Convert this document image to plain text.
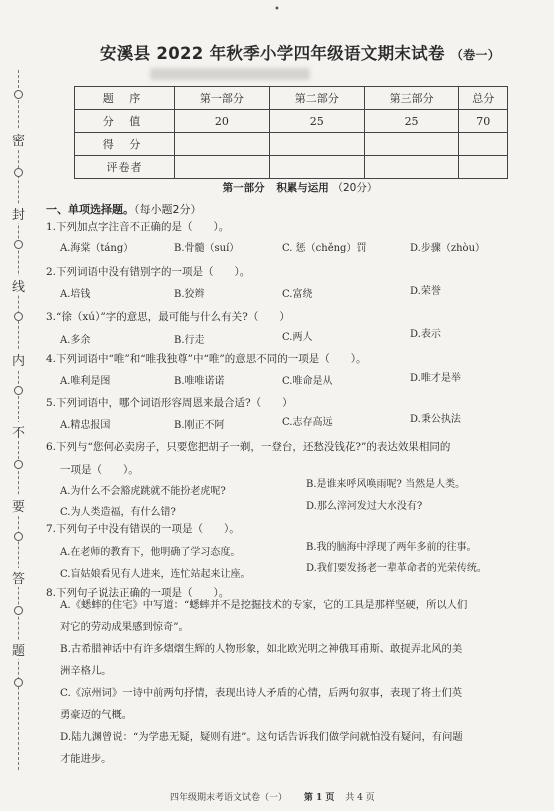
•
密
封
线
内
不
要
答
题
安溪县 2022 年秋季小学四年级语文期末试卷 （卷一）
题 序	第一部分	第二部分	第三部分	总分
分 值	20	25	25	70
得 分				
评卷者				
第一部分 积累与运用 （20分）
一、单项选择题。（每小题2分）
1.下列加点字注音不正确的是（　　）。
A.海棠（táng）	B.骨髓（suí）	C. 惩（chěng）罚	D.步骤（zhòu）
2.下列词语中没有错别字的一项是（　　）。
A.培钱	B.狡辫	C.富绕	D.荣誉
3.“徐（xú）”字的意思，最可能与什么有关?（　　）
A.多余	B.行走	C.两人	D.表示
4.下列词语中“唯”和“唯我独尊”中“唯”的意思不同的一项是（　　）。
A.唯利是图	B.唯唯诺诺	C.唯命是从	D.唯才是举
5.下列词语中，哪个词语形容周恩来最合适?（　　）
A.精忠报国	B.刚正不阿	C.志存高远	D.秉公执法
6.下列与“您何必卖房子，只要您把胡子一剃，一登台，还愁没钱花?”的表达效果相同的
一项是（　　）。
A.为什么不会豁虎跳就不能扮老虎呢?
B.是谁来呼风唤雨呢? 当然是人类。
C.为人类造福，有什么错?
D.那么滓河发过大水没有?
7.下列句子中没有错误的一项是（　　）。
A.在老师的教育下，他明确了学习态度。	B.我的脑海中浮现了两年多前的往事。
C.盲姑娘看见有人进来，连忙站起来让座。
D.我们要发扬老一辈革命者的光荣传统。
8.下列句子说法正确的一项是（　　）。
A.《蟋蟀的住宅》中写道：“蟋蟀并不是挖掘技术的专家，它的工具是那样坚硬，所以人们
对它的劳动成果感到惊奇”。
B.古希腊神话中有许多熠熠生辉的人物形象，如北欧光明之神俄耳甫斯、敢捉弄北风的美
洲辛格儿。
C.《凉州词》一诗中前两句抒情，表现出诗人矛盾的心情，后两句叙事，表现了将士们英
勇豪迈的气概。
D.陆九渊曾说：“为学患无疑，疑则有进”。这句话告诉我们做学问就怕没有疑问，有问题
才能进步。
四年级期末考语文试卷（一） 第 1 页 共 4 页
